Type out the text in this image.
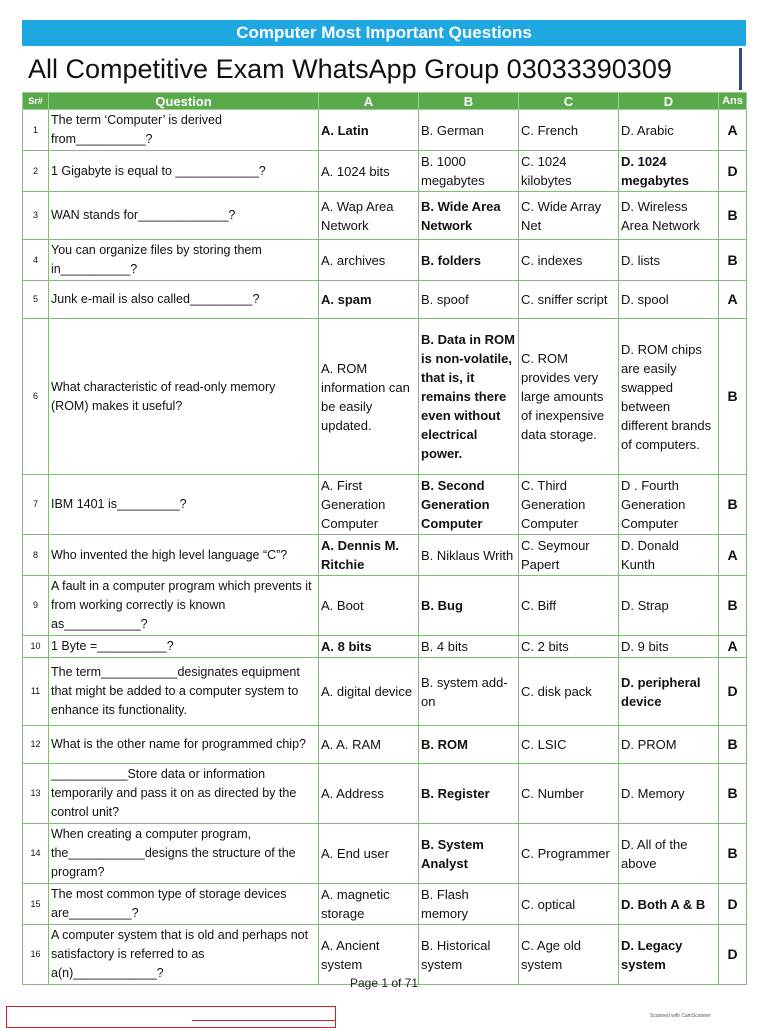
Computer Most Important Questions
All Competitive Exam WhatsApp Group 03033390309
Sr#	Question	A	B	C	D	Ans
1	The term ‘Computer’ is derived from__________?	A. Latin	B. German	C. French	D. Arabic	A
2	1 Gigabyte is equal to ____________?	A. 1024 bits	B. 1000 megabytes	C. 1024 kilobytes	D. 1024 megabytes	D
3	WAN stands for_____________?	A. Wap Area Network	B. Wide Area Network	C. Wide Array Net	D. Wireless Area Network	B
4	You can organize files by storing them in__________?	A. archives	B. folders	C. indexes	D. lists	B
5	Junk e-mail is also called_________?	A. spam	B. spoof	C. sniffer script	D. spool	A
6	What characteristic of read-only memory (ROM) makes it useful?	A. ROM information can be easily updated.	B. Data in ROM is non-volatile, that is, it remains there even without electrical power.	C. ROM provides very large amounts of inexpensive data storage.	D. ROM chips are easily swapped between different brands of computers.	B
7	IBM 1401 is_________?	A. First Generation Computer	B. Second Generation Computer	C. Third Generation Computer	D . Fourth Generation Computer	B
8	Who invented the high level language “C”?	A. Dennis M. Ritchie	B. Niklaus Writh	C. Seymour Papert	D. Donald Kunth	A
9	A fault in a computer program which prevents it from working correctly is known as___________?	A. Boot	B. Bug	C. Biff	D. Strap	B
10	1 Byte =__________?	A. 8 bits	B. 4 bits	C. 2 bits	D. 9 bits	A
11	The term___________designates equipment that might be added to a computer system to enhance its functionality.	A. digital device	B. system add-on	C. disk pack	D. peripheral device	D
12	What is the other name for programmed chip?	A. A. RAM	B. ROM	C. LSIC	D. PROM	B
13	___________Store data or information temporarily and pass it on as directed by the control unit?	A. Address	B. Register	C. Number	D. Memory	B
14	When creating a computer program, the___________designs the structure of the program?	A. End user	B. System Analyst	C. Programmer	D. All of the above	B
15	The most common type of storage devices are_________?	A. magnetic storage	B. Flash memory	C. optical	D. Both A & B	D
16	A computer system that is old and perhaps not satisfactory is referred to as a(n)____________?	A. Ancient system	B. Historical system	C. Age old system	D. Legacy system	D
Page 1 of 71
Scanned with CamScanner
